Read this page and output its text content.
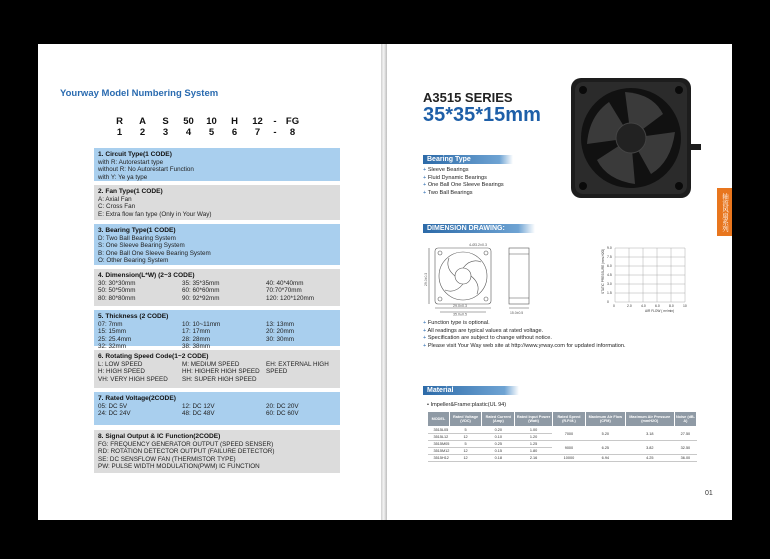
Yourway Model Numbering System
R	A	S	50	10	H	12	- FG
1	2	3	4	5	6	7	-	8
1. Circuit Type(1 CODE)
with R: Autorestart type
without R: No Autorestart Function
with Y: Ye ya type
2. Fan Type(1 CODE)
A: Axial Fan
C: Cross Fan
E: Extra flow fan type (Only in Your Way)
3. Bearing Type(1 CODE)
D: Two Ball Bearing System
S: One Sleeve Bearing System
B: One Ball One Sleeve Bearing System
O: Other Bearing System
4. Dimension(L*W) (2~3 CODE)
30: 30*30mm	35: 35*35mm	40: 40*40mm
50: 50*50mm	60: 60*60mm	70:70*70mm
80: 80*80mm	90: 92*92mm	120: 120*120mm
5. Thickness (2 CODE)
07: 7mm	10: 10~11mm	13: 13mm
15: 15mm	17: 17mm	20: 20mm
25: 25.4mm	28: 28mm	30: 30mm
32: 32mm	38: 38mm
6. Rotating Speed Code(1~2 CODE)
L: LOW SPEED	M: MEDIUM SPEED	EH: EXTERNAL HIGH
H: HIGH SPEED	HH: HIGHER HIGH SPEED	SPEED
VH: VERY HIGH SPEED	SH: SUPER HIGH SPEED
7. Rated Voltage(2CODE)
05: DC 5V	12: DC 12V	20: DC 20V
24: DC 24V	48: DC 48V	60: DC 60V
8. Signal Output & IC Function(2CODE)
FG: FREQUENCY GENERATOR OUTPUT (SPEED SENSER)
RD: ROTATION DETECTOR OUTPUT (FAILURE DETECTOR)
SE: DC SENSFLOW FAN (THERMISTOR TYPE)
PW: PULSE WIDTH MODULATION(PWM) IC FUNCTION
A3515 SERIES
35*35*15mm
轴流风扇系列
Bearing Type
+ Sleeve Bearings
+ Fluid Dynamic Bearings
+ One Ball One Sleeve Bearings
+ Two Ball Bearings
DIMENSION DRAWING:
4-Ø3.2±0.3
29.0±0.3
35.0±0.5	15.0±0.5
29.0±0.3	STATIC PRESSURE (mm-H2O)
AIR FLOW ( m³/min)
9.0
7.5
6.0
4.5
3.0
1.5
0
0	2.0	4.0	6.0	8.0	10
+ Function type is optional.
+ All readings are typical values at rated voltage.
+ Specification are subject to change without notice.
+ Please visit Your Way web site at http://www.yrway.com for updated information.
Material
• Impeller&Frame:plastic(UL 94)
MODEL	Rated Voltage (VDC)	Rated Current (Amp)	Rated Input Power (Watt)	Rated Speed (R.P.M.)	Maximum Air Flow (CFM)	Maximum Air Pressure (mmH2O)	Noise (dB-A)
3515L05	5	0.20	1.00	7000	5.20	3.18	27.50
3515L12	12	0.10	1.20				
3515M05	5	0.25	1.25	9000	6.25	3.82	32.50
3515M12	12	0.15	1.80				
3515H12	12	0.18	2.16	10000	6.94	4.25	36.00
01
